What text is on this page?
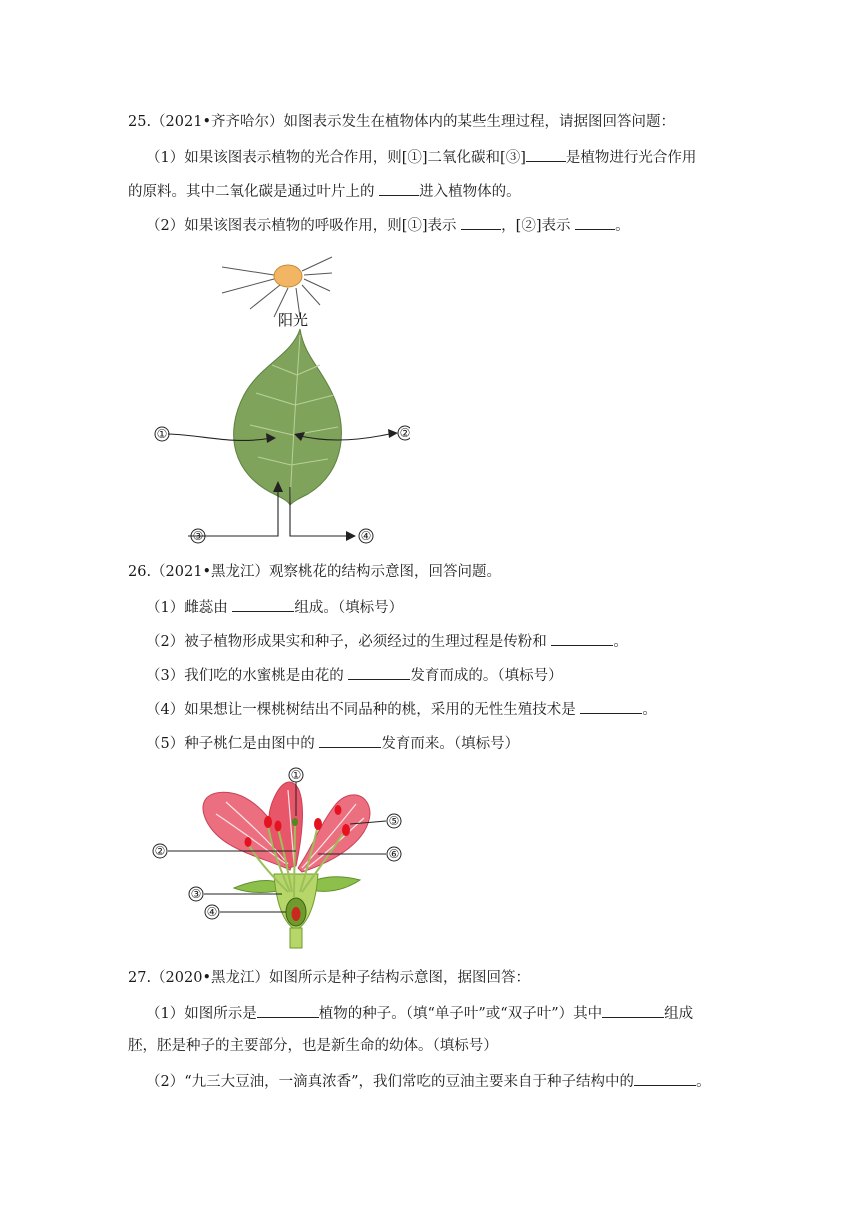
25.（2021•齐齐哈尔）如图表示发生在植物体内的某些生理过程，请据图回答问题：
（1）如果该图表示植物的光合作用，则[①]二氧化碳和[③]	是植物进行光合作用
的原料。其中二氧化碳是通过叶片上的	进入植物体的。
（2）如果该图表示植物的呼吸作用，则[①]表示	，[②]表示	。
阳光
①	②
③	④
26.（2021•黑龙江）观察桃花的结构示意图，回答问题。
（1）雌蕊由	组成。（填标号）
（2）被子植物形成果实和种子，必须经过的生理过程是传粉和	。
（3）我们吃的水蜜桃是由花的	发育而成的。（填标号）
（4）如果想让一棵桃树结出不同品种的桃，采用的无性生殖技术是	。
（5）种子桃仁是由图中的	发育而来。（填标号）
①
②
③
④
⑤
⑥
27.（2020•黑龙江）如图所示是种子结构示意图，据图回答：
（1）如图所示是	植物的种子。（填“单子叶”或“双子叶”）其中	组成
胚，胚是种子的主要部分，也是新生命的幼体。（填标号）
（2）“九三大豆油，一滴真浓香”，我们常吃的豆油主要来自于种子结构中的	。
